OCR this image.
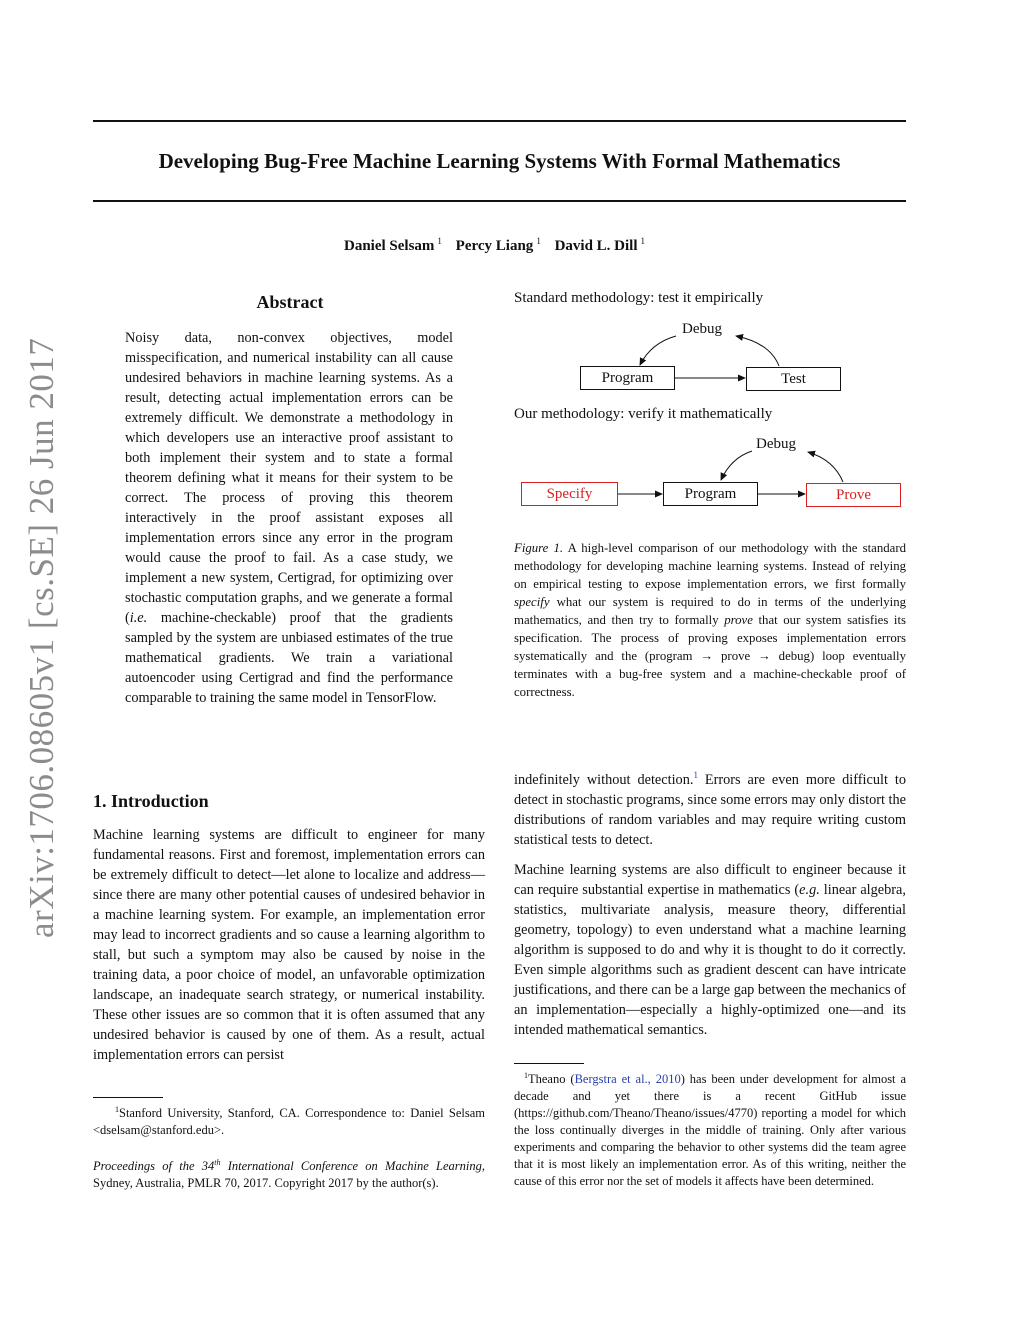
arXiv:1706.08605v1 [cs.SE] 26 Jun 2017
Developing Bug-Free Machine Learning Systems With Formal Mathematics
Daniel Selsam $^1$ Percy Liang $^1$ David L. Dill $^1$
Abstract

Noisy data, non-convex objectives, model misspecification, and numerical instability can all cause undesired behaviors in machine learning systems. As a result, detecting actual implementation errors can be extremely difficult. We demonstrate a methodology in which developers use an interactive proof assistant to both implement their system and to state a formal theorem defining what it means for their system to be correct. The process of proving this theorem interactively in the proof assistant exposes all implementation errors since any error in the program would cause the proof to fail. As a case study, we implement a new system, Certigrad, for optimizing over stochastic computation graphs, and we generate a formal (i.e. machine-checkable) proof that the gradients sampled by the system are unbiased estimates of the true mathematical gradients. We train a variational autoencoder using Certigrad and find the performance comparable to training the same model in TensorFlow.

1. Introduction

Machine learning systems are difficult to engineer for many fundamental reasons. First and foremost, implementation errors can be extremely difficult to detect—let alone to localize and address—since there are many other potential causes of undesired behavior in a machine learning system. For example, an implementation error may lead to incorrect gradients and so cause a learning algorithm to stall, but such a symptom may also be caused by noise in the training data, a poor choice of model, an unfavorable optimization landscape, an inadequate search strategy, or numerical instability. These other issues are so common that it is often assumed that any undesired behavior is caused by one of them. As a result, actual implementation errors can persist

$^1$Stanford University, Stanford, CA. Correspondence to: Daniel Selsam <dselsam@stanford.edu>.

Proceedings of the 34th International Conference on Machine Learning, Sydney, Australia, PMLR 70, 2017. Copyright 2017 by the author(s).

Standard methodology: test it empirically
Debug
Program	Test
Our methodology: verify it mathematically
Debug
Specify	Program	Prove

Figure 1. A high-level comparison of our methodology with the standard methodology for developing machine learning systems. Instead of relying on empirical testing to expose implementation errors, we first formally specify what our system is required to do in terms of the underlying mathematics, and then try to formally prove that our system satisfies its specification. The process of proving exposes implementation errors systematically and the (program → prove → debug) loop eventually terminates with a bug-free system and a machine-checkable proof of correctness.

indefinitely without detection.$^1$ Errors are even more difficult to detect in stochastic programs, since some errors may only distort the distributions of random variables and may require writing custom statistical tests to detect.

Machine learning systems are also difficult to engineer because it can require substantial expertise in mathematics (e.g. linear algebra, statistics, multivariate analysis, measure theory, differential geometry, topology) to even understand what a machine learning algorithm is supposed to do and why it is thought to do it correctly. Even simple algorithms such as gradient descent can have intricate justifications, and there can be a large gap between the mechanics of an implementation—especially a highly-optimized one—and its intended mathematical semantics.

$^1$Theano (Bergstra et al., 2010) has been under development for almost a decade and yet there is a recent GitHub issue (https://github.com/Theano/Theano/issues/4770) reporting a model for which the loss continually diverges in the middle of training. Only after various experiments and comparing the behavior to other systems did the team agree that it is most likely an implementation error. As of this writing, neither the cause of this error nor the set of models it affects have been determined.
